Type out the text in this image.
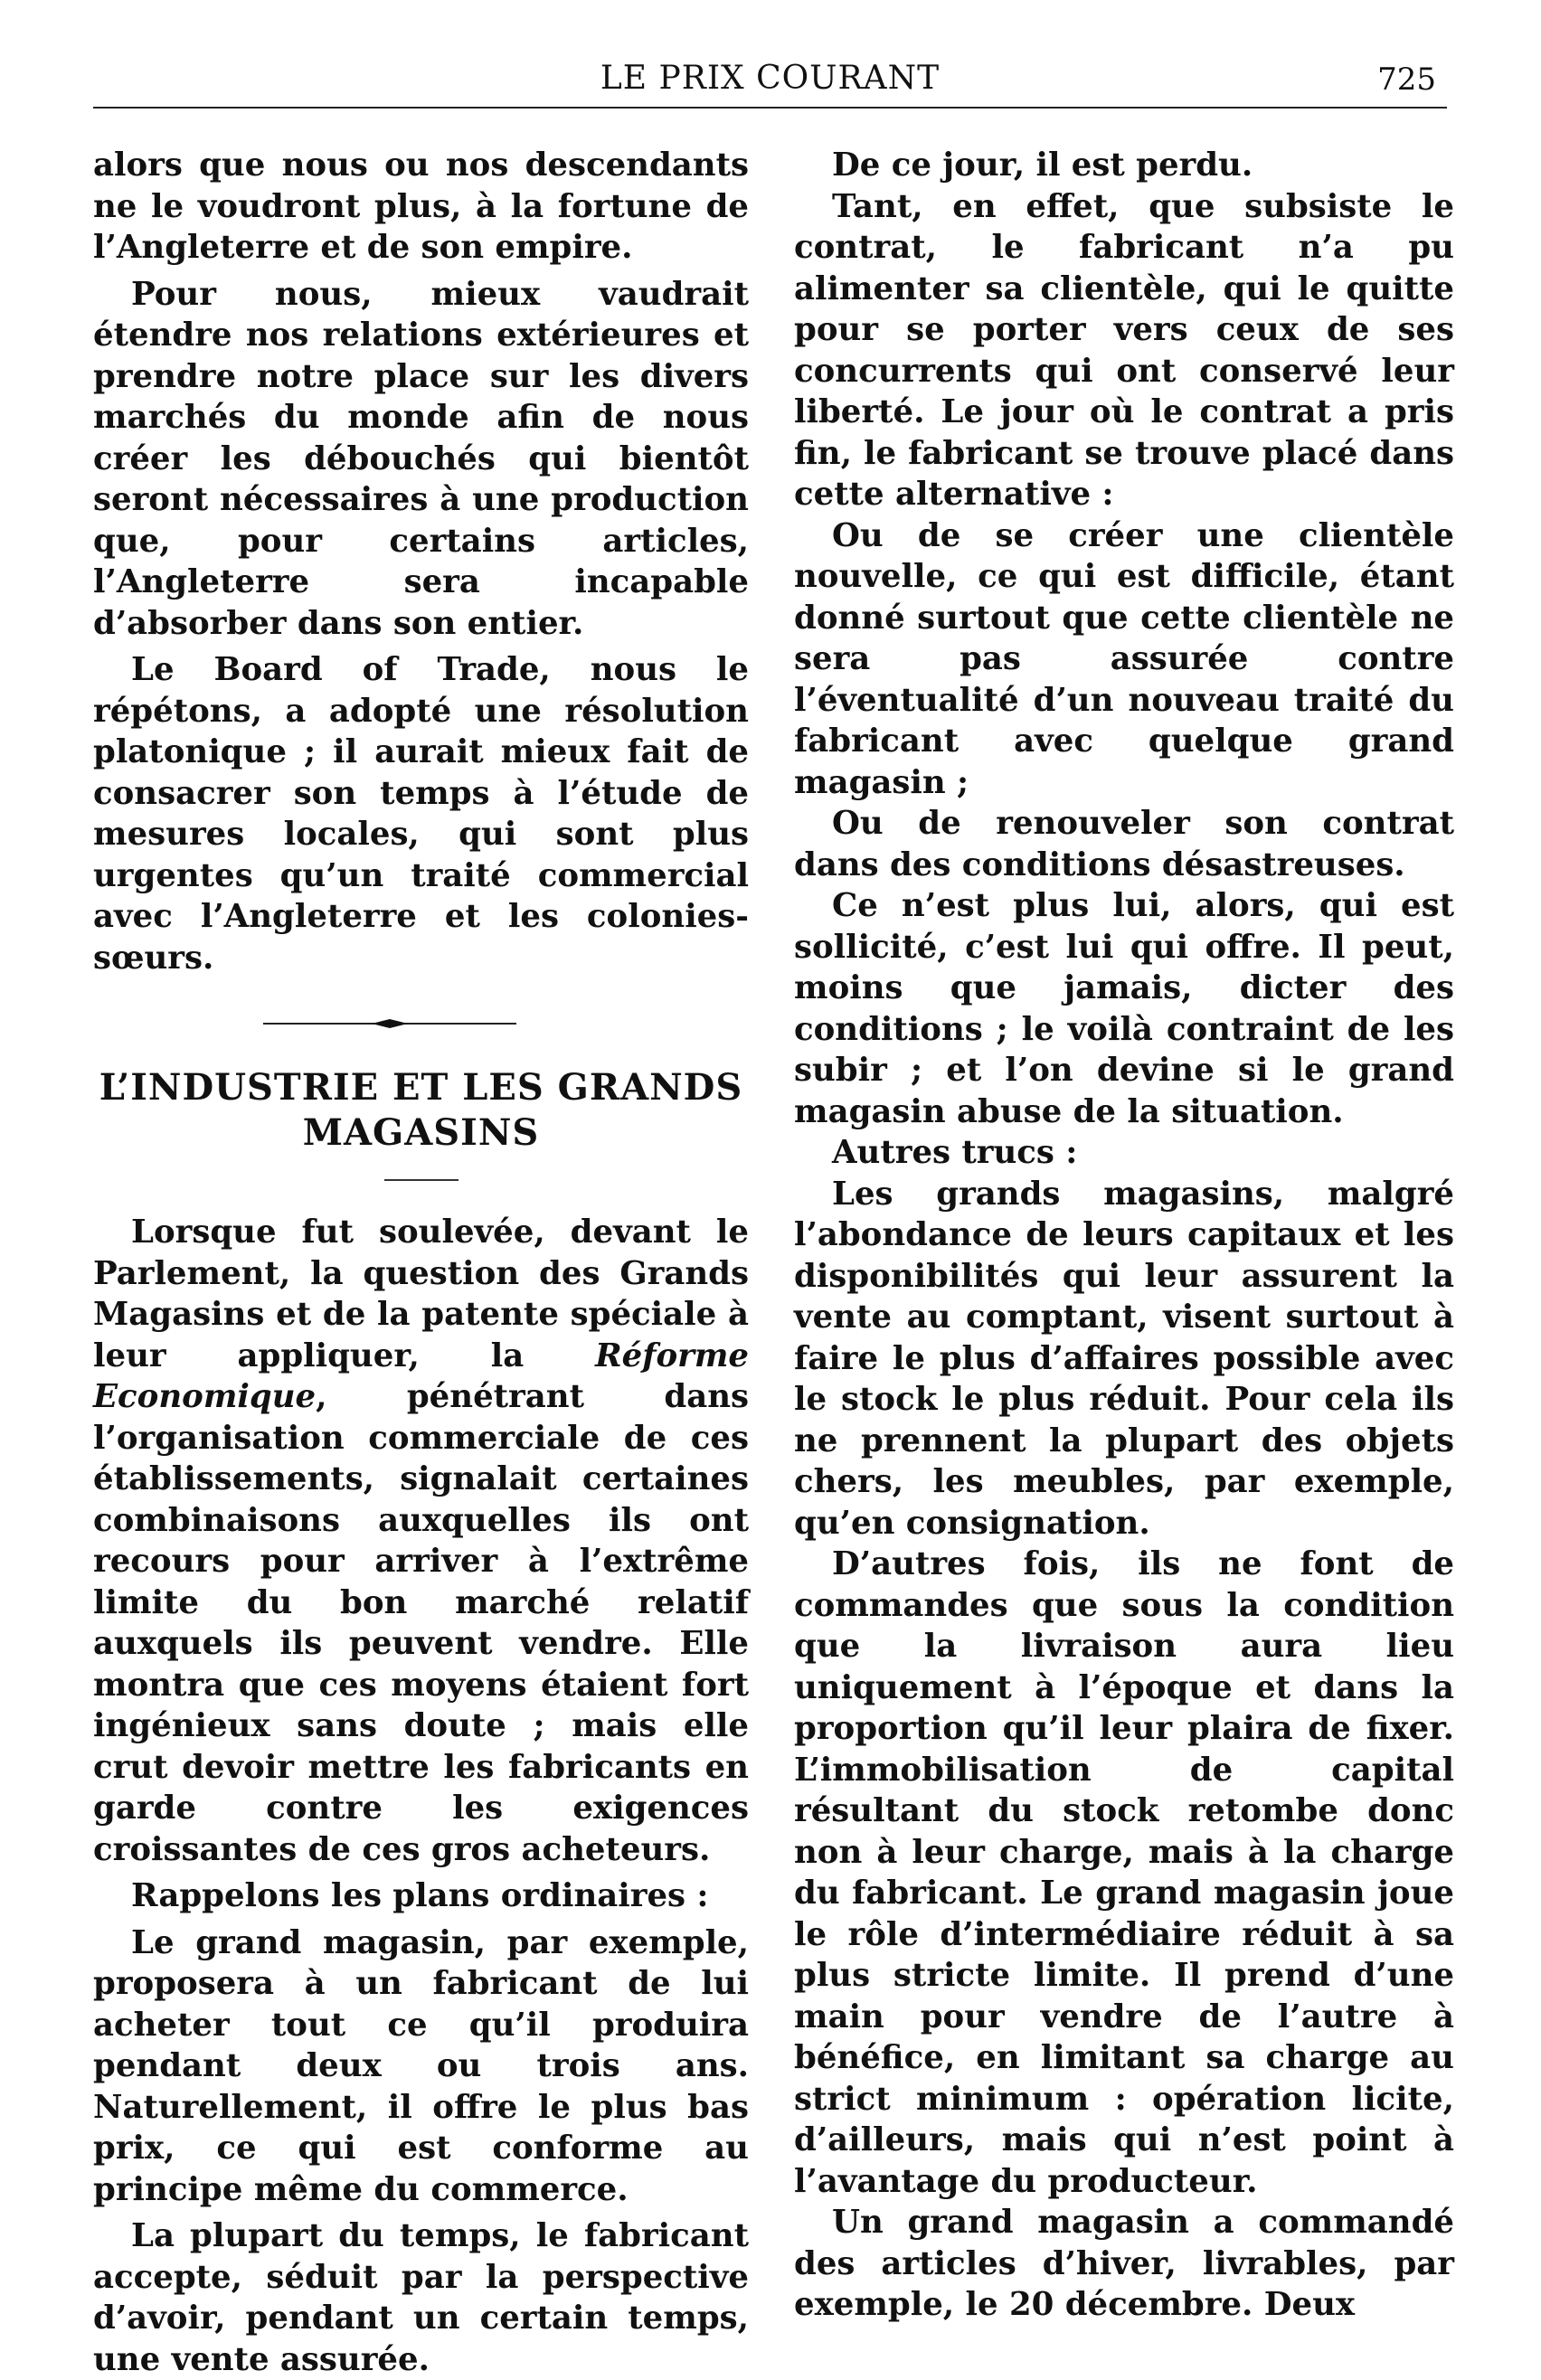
LE PRIX COURANT	725

alors que nous ou nos descendants ne le voudront plus, à la fortune de l’Angleterre et de son empire.

Pour nous, mieux vaudrait étendre nos relations extérieures et prendre notre place sur les divers marchés du monde afin de nous créer les débouchés qui bientôt seront nécessaires à une production que, pour certains articles, l’Angleterre sera incapable d’absorber dans son entier.

Le Board of Trade, nous le répétons, a adopté une résolution platonique ; il aurait mieux fait de consacrer son temps à l’étude de mesures locales, qui sont plus urgentes qu’un traité commercial avec l’Angleterre et les colonies-sœurs.

L’INDUSTRIE ET LES GRANDS
MAGASINS

Lorsque fut soulevée, devant le Parlement, la question des Grands Magasins et de la patente spéciale à leur appliquer, la Réforme Economique, pénétrant dans l’organisation commerciale de ces établissements, signalait certaines combinaisons auxquelles ils ont recours pour arriver à l’extrême limite du bon marché relatif auxquels ils peuvent vendre. Elle montra que ces moyens étaient fort ingénieux sans doute ; mais elle crut devoir mettre les fabricants en garde contre les exigences croissantes de ces gros acheteurs.

Rappelons les plans ordinaires :

Le grand magasin, par exemple, proposera à un fabricant de lui acheter tout ce qu’il produira pendant deux ou trois ans. Naturellement, il offre le plus bas prix, ce qui est conforme au principe même du commerce.

La plupart du temps, le fabricant accepte, séduit par la perspective d’avoir, pendant un certain temps, une vente assurée.

De ce jour, il est perdu.

Tant, en effet, que subsiste le contrat, le fabricant n’a pu alimenter sa clientèle, qui le quitte pour se porter vers ceux de ses concurrents qui ont conservé leur liberté. Le jour où le contrat a pris fin, le fabricant se trouve placé dans cette alternative :

Ou de se créer une clientèle nouvelle, ce qui est difficile, étant donné surtout que cette clientèle ne sera pas assurée contre l’éventualité d’un nouveau traité du fabricant avec quelque grand magasin ;

Ou de renouveler son contrat dans des conditions désastreuses.

Ce n’est plus lui, alors, qui est sollicité, c’est lui qui offre. Il peut, moins que jamais, dicter des conditions ; le voilà contraint de les subir ; et l’on devine si le grand magasin abuse de la situation.

Autres trucs :

Les grands magasins, malgré l’abondance de leurs capitaux et les disponibilités qui leur assurent la vente au comptant, visent surtout à faire le plus d’affaires possible avec le stock le plus réduit. Pour cela ils ne prennent la plupart des objets chers, les meubles, par exemple, qu’en consignation.

D’autres fois, ils ne font de commandes que sous la condition que la livraison aura lieu uniquement à l’époque et dans la proportion qu’il leur plaira de fixer. L’immobilisation de capital résultant du stock retombe donc non à leur charge, mais à la charge du fabricant. Le grand magasin joue le rôle d’intermédiaire réduit à sa plus stricte limite. Il prend d’une main pour vendre de l’autre à bénéfice, en limitant sa charge au strict minimum : opération licite, d’ailleurs, mais qui n’est point à l’avantage du producteur.

Un grand magasin a commandé des articles d’hiver, livrables, par exemple, le 20 décembre. Deux
